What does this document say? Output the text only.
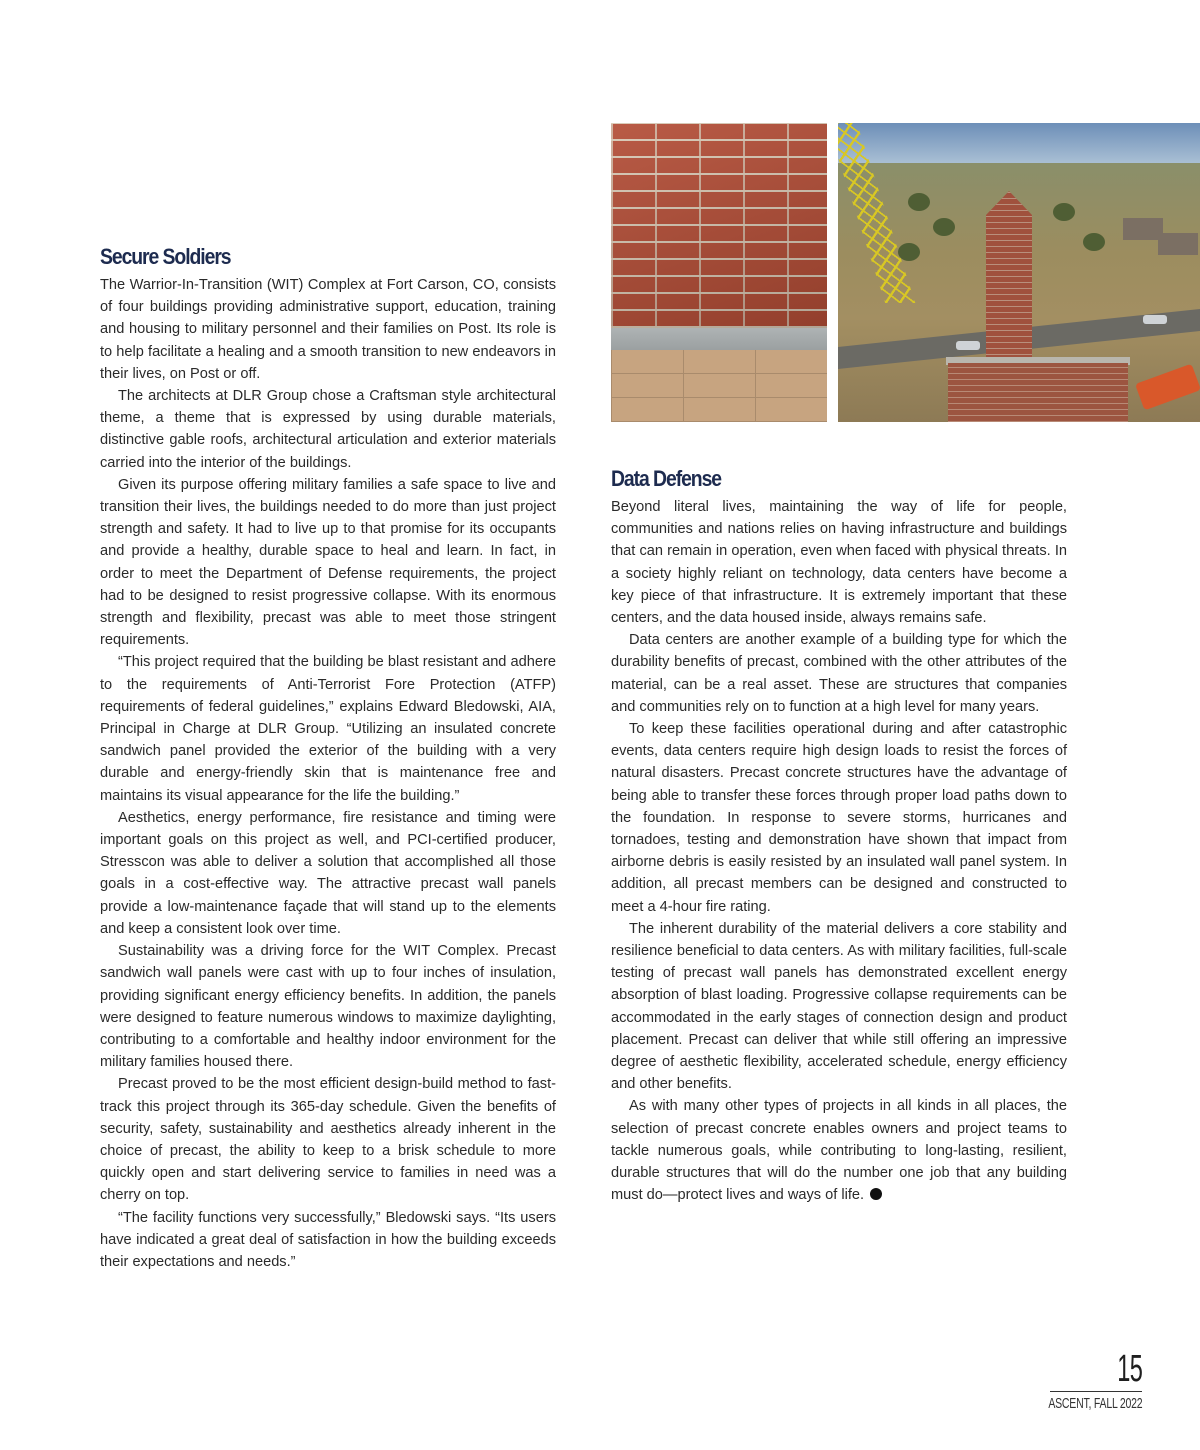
Secure Soldiers

The Warrior-In-Transition (WIT) Complex at Fort Carson, CO, consists of four buildings providing administrative support, education, training and housing to military personnel and their families on Post. Its role is to help facilitate a healing and a smooth transition to new endeavors in their lives, on Post or off.

The architects at DLR Group chose a Craftsman style architectural theme, a theme that is expressed by using durable materials, distinctive gable roofs, architectural articulation and exterior materials carried into the interior of the buildings.

Given its purpose offering military families a safe space to live and transition their lives, the buildings needed to do more than just project strength and safety. It had to live up to that promise for its occupants and provide a healthy, durable space to heal and learn. In fact, in order to meet the Department of Defense requirements, the project had to be designed to resist progressive collapse. With its enormous strength and flexibility, precast was able to meet those stringent requirements.

“This project required that the building be blast resistant and adhere to the requirements of Anti-Terrorist Fore Protection (ATFP) requirements of federal guidelines,” explains Edward Bledowski, AIA, Principal in Charge at DLR Group. “Utilizing an insulated concrete sandwich panel provided the exterior of the building with a very durable and energy-friendly skin that is maintenance free and maintains its visual appearance for the life the building.”

Aesthetics, energy performance, fire resistance and timing were important goals on this project as well, and PCI-certified producer, Stresscon was able to deliver a solution that accomplished all those goals in a cost-effective way. The attractive precast wall panels provide a low-maintenance façade that will stand up to the elements and keep a consistent look over time.

Sustainability was a driving force for the WIT Complex. Precast sandwich wall panels were cast with up to four inches of insulation, providing significant energy efficiency benefits. In addition, the panels were designed to feature numerous windows to maximize daylighting, contributing to a comfortable and healthy indoor environment for the military families housed there.

Precast proved to be the most efficient design-build method to fast-track this project through its 365-day schedule. Given the benefits of security, safety, sustainability and aesthetics already inherent in the choice of precast, the ability to keep to a brisk schedule to more quickly open and start delivering service to families in need was a cherry on top.

“The facility functions very successfully,” Bledowski says. “Its users have indicated a great deal of satisfaction in how the building exceeds their expectations and needs.”

Data Defense

Beyond literal lives, maintaining the way of life for people, communities and nations relies on having infrastructure and buildings that can remain in operation, even when faced with physical threats. In a society highly reliant on technology, data centers have become a key piece of that infrastructure. It is extremely important that these centers, and the data housed inside, always remains safe.

Data centers are another example of a building type for which the durability benefits of precast, combined with the other attributes of the material, can be a real asset. These are structures that companies and communities rely on to function at a high level for many years.

To keep these facilities operational during and after catastrophic events, data centers require high design loads to resist the forces of natural disasters. Precast concrete structures have the advantage of being able to transfer these forces through proper load paths down to the foundation. In response to severe storms, hurricanes and tornadoes, testing and demonstration have shown that impact from airborne debris is easily resisted by an insulated wall panel system. In addition, all precast members can be designed and constructed to meet a 4-hour fire rating.

The inherent durability of the material delivers a core stability and resilience beneficial to data centers. As with military facilities, full-scale testing of precast wall panels has demonstrated excellent energy absorption of blast loading. Progressive collapse requirements can be accommodated in the early stages of connection design and product placement. Precast can deliver that while still offering an impressive degree of aesthetic flexibility, accelerated schedule, energy efficiency and other benefits.

As with many other types of projects in all kinds in all places, the selection of precast concrete enables owners and project teams to tackle numerous goals, while contributing to long-lasting, resilient, durable structures that will do the number one job that any building must do—protect lives and ways of life.

15
ASCENT, FALL 2022
